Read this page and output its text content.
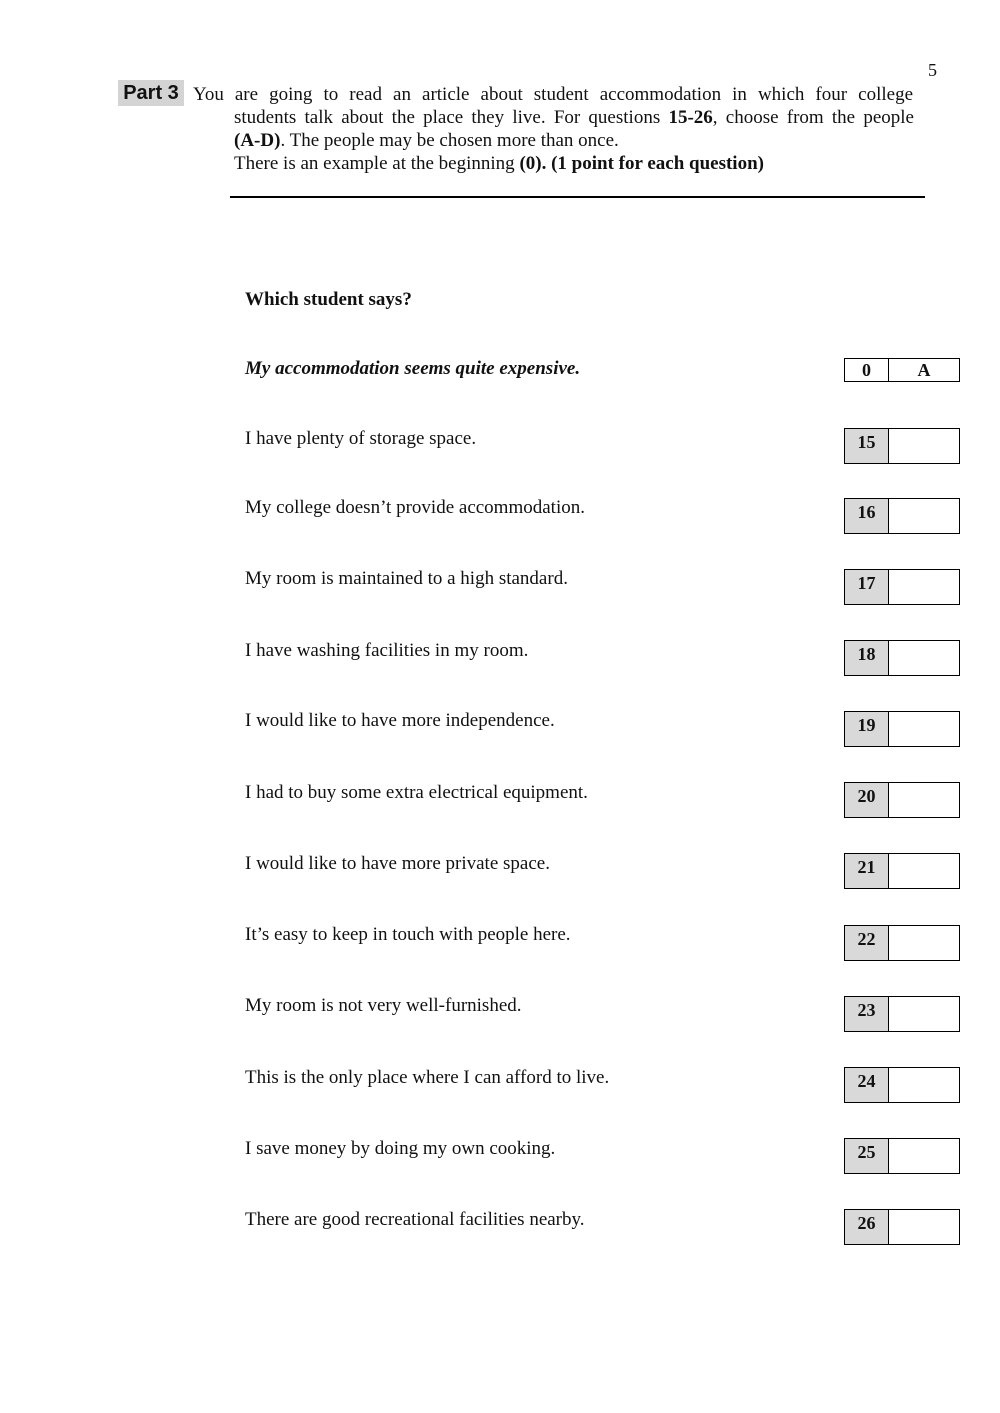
5
Part 3 You are going to read an article about student accommodation in which four college
students talk about the place they live. For questions 15-26, choose from the people
(A-D). The people may be chosen more than once.
There is an example at the beginning (0). (1 point for each question)
Which student says?
My accommodation seems quite expensive.	0	A
I have plenty of storage space.	15
My college doesn’t provide accommodation.	16
My room is maintained to a high standard.	17
I have washing facilities in my room.	18
I would like to have more independence.	19
I had to buy some extra electrical equipment.	20
I would like to have more private space.	21
It’s easy to keep in touch with people here.	22
My room is not very well-furnished.	23
This is the only place where I can afford to live.	24
I save money by doing my own cooking.	25
There are good recreational facilities nearby.	26
